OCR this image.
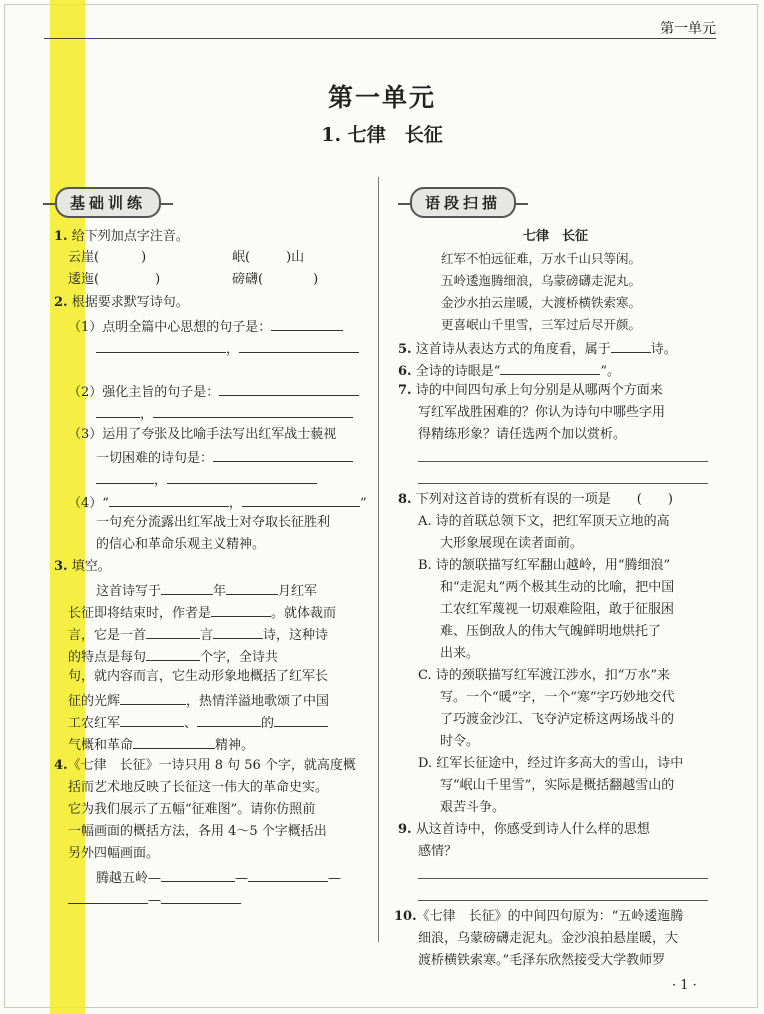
第一单元
第一单元
1. 七律　长征
基础训练
1. 给下列加点字注音。
云崖(	)	岷(	)山
逶迤(	)	磅礴(	)
2. 根据要求默写诗句。
（1）点明全篇中心思想的句子是：
，
（2）强化主旨的句子是：
，
（3）运用了夸张及比喻手法写出红军战士藐视
一切困难的诗句是：
，
（4）“	，	”
一句充分流露出红军战士对夺取长征胜利
的信心和革命乐观主义精神。
3. 填空。
这首诗写于	年	月红军
长征即将结束时，作者是	。就体裁而
言，它是一首	言	诗，这种诗
的特点是每句	个字，全诗共
句，就内容而言，它生动形象地概括了红军长
征的光辉	，热情洋溢地歌颂了中国
工农红军	、	的
气概和革命	精神。
4.《七律　长征》一诗只用 8 句 56 个字，就高度概
括而艺术地反映了长征这一伟大的革命史实。
它为我们展示了五幅“征难图”。请你仿照前
一幅画面的概括方法，各用 4～5 个字概括出
另外四幅画面。
腾越五岭—	—	—
—
语段扫描
七律　长征
红军不怕远征难，万水千山只等闲。
五岭逶迤腾细浪，乌蒙磅礴走泥丸。
金沙水拍云崖暖，大渡桥横铁索寒。
更喜岷山千里雪，三军过后尽开颜。
5. 这首诗从表达方式的角度看，属于	诗。
6. 全诗的诗眼是“	”。
7. 诗的中间四句承上句分别是从哪两个方面来
写红军战胜困难的？你认为诗句中哪些字用
得精练形象？请任选两个加以赏析。
8. 下列对这首诗的赏析有误的一项是　　 (　　)
A. 诗的首联总领下文，把红军顶天立地的高
大形象展现在读者面前。
B. 诗的颔联描写红军翻山越岭，用“腾细浪”
和“走泥丸”两个极其生动的比喻，把中国
工农红军蔑视一切艰难险阻，敢于征服困
难、压倒敌人的伟大气魄鲜明地烘托了
出来。
C. 诗的颈联描写红军渡江涉水，扣“万水”来
写。一个“暖”字，一个“寒”字巧妙地交代
了巧渡金沙江、飞夺泸定桥这两场战斗的
时令。
D. 红军长征途中，经过许多高大的雪山，诗中
写“岷山千里雪”，实际是概括翻越雪山的
艰苦斗争。
9. 从这首诗中，你感受到诗人什么样的思想
感情？
10.《七律　长征》的中间四句原为：“五岭逶迤腾
细浪，乌蒙磅礴走泥丸。金沙浪拍悬崖暖，大
渡桥横铁索寒。”毛泽东欣然接受大学教师罗
· 1 ·
